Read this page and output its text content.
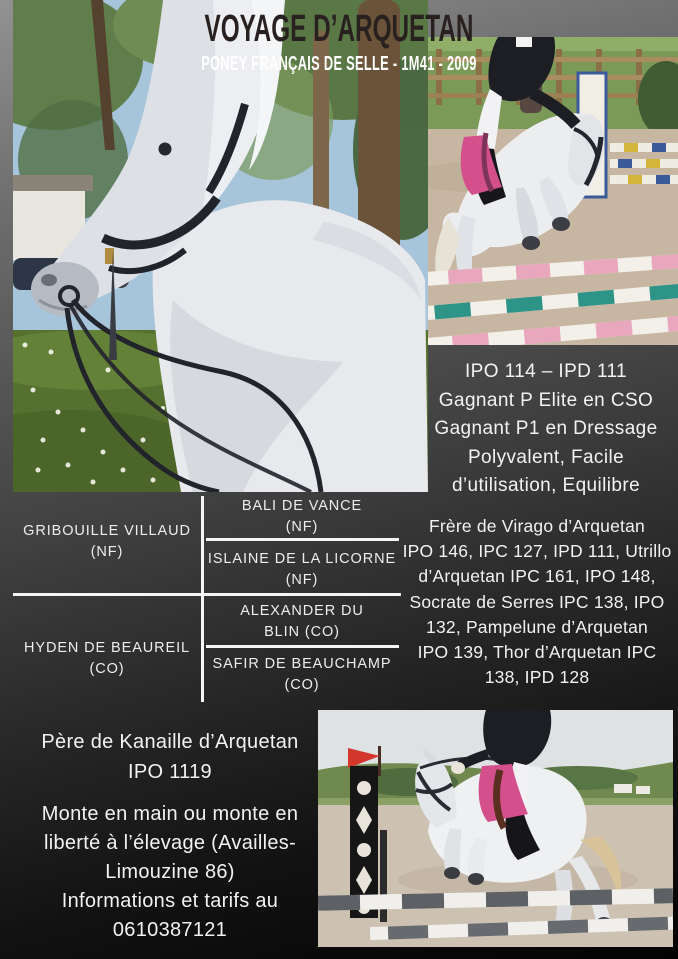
VOYAGE D’ARQUETAN
PONEY FRANÇAIS DE SELLE - 1M41 - 2009
IPO 114 – IPD 111
Gagnant P Elite en CSO
Gagnant P1 en Dressage
Polyvalent, Facile
d’utilisation, Equilibre
GRIBOUILLE VILLAUD
(NF)
BALI DE VANCE
(NF)
ISLAINE DE LA LICORNE
(NF)
HYDEN DE BEAUREIL
(CO)
ALEXANDER DU
BLIN (CO)
SAFIR DE BEAUCHAMP
(CO)
Frère de Virago d’Arquetan
IPO 146, IPC 127, IPD 111, Utrillo
d’Arquetan IPC 161, IPO 148,
Socrate de Serres IPC 138, IPO
132, Pampelune d’Arquetan
IPO 139, Thor d’Arquetan IPC
138, IPD 128
Père de Kanaille d’Arquetan
IPO 1119
Monte en main ou monte en
liberté à l’élevage (Availles-
Limouzine 86)
Informations et tarifs au
0610387121
